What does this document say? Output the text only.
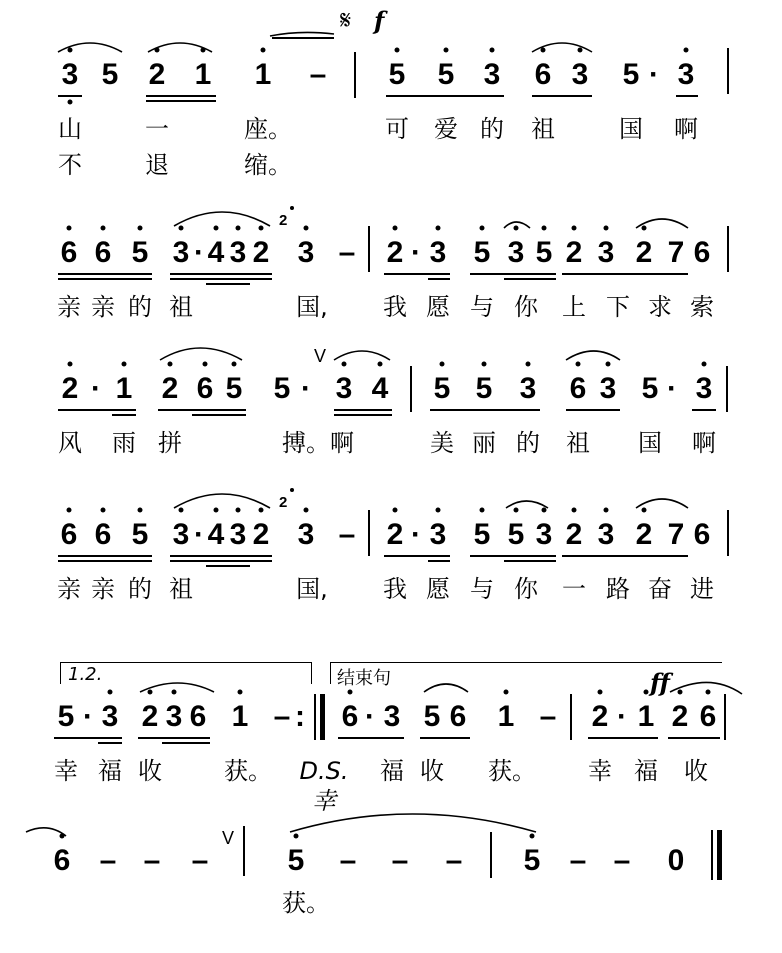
3 5 2 1 1 – 5 5 3 6 3 5 · 3
山	一	座。	可 爱 的 祖	国 啊
不	退	缩。
6 6 5 3 · 4 3 2 3 – 2 · 3 5 3 5 2 3 2 7 6
亲 亲 的 祖	国,	我 愿 与 你 上 下 求 索
2 · 1 2 6 5 5 · 3 4 5 5 3 6 3 5 · 3
风 雨 拼	搏。啊	美 丽 的 祖 国 啊
6 6 5 3 · 4 3 2 3 – 2 · 3 5 5 3 2 3 2 7 6
亲 亲 的 祖	国,	我 愿 与 你 一 路 奋 进
5 · 3 2 3 6 1 – :	6 · 3 5 6 1 – 2 · 1 2 6
幸 福 收	获。	D.S.幸
福 收	获。	幸 福 收
6 – – –	5 – – – 5 – – 0
获。
1.2.	结束句
𝄋 f
ff
2
2
V
V
